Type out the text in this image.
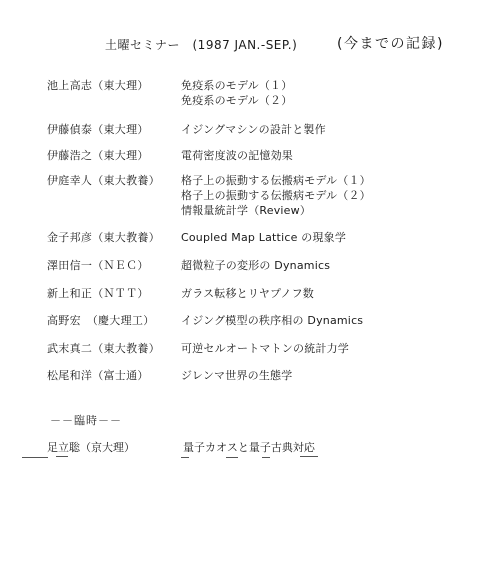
土曜セミナー　(1987 JAN.-SEP.)	(今までの記録)
池上高志（東大理）	免疫系のモデル（１）
免疫系のモデル（２）
伊藤偵泰（東大理）	イジングマシンの設計と製作
伊藤浩之（東大理）	電荷密度波の記憶効果
伊庭幸人（東大教養） 格子上の振動する伝搬病モデル（１）
格子上の振動する伝搬病モデル（２）
情報量統計学（Review）
金子邦彦（東大教養） Coupled Map Lattice の現象学
澤田信一（ＮＥＣ）	超微粒子の変形の Dynamics
新上和正（ＮＴＴ）	ガラス転移とリヤプノフ数
高野宏　（慶大理工） イジング模型の秩序相の Dynamics
武末真二（東大教養） 可逆セルオートマトンの統計力学
松尾和洋（富士通）	ジレンマ世界の生態学
－－臨時－－
足立聡（京大理）	量子カオスと量子古典対応
